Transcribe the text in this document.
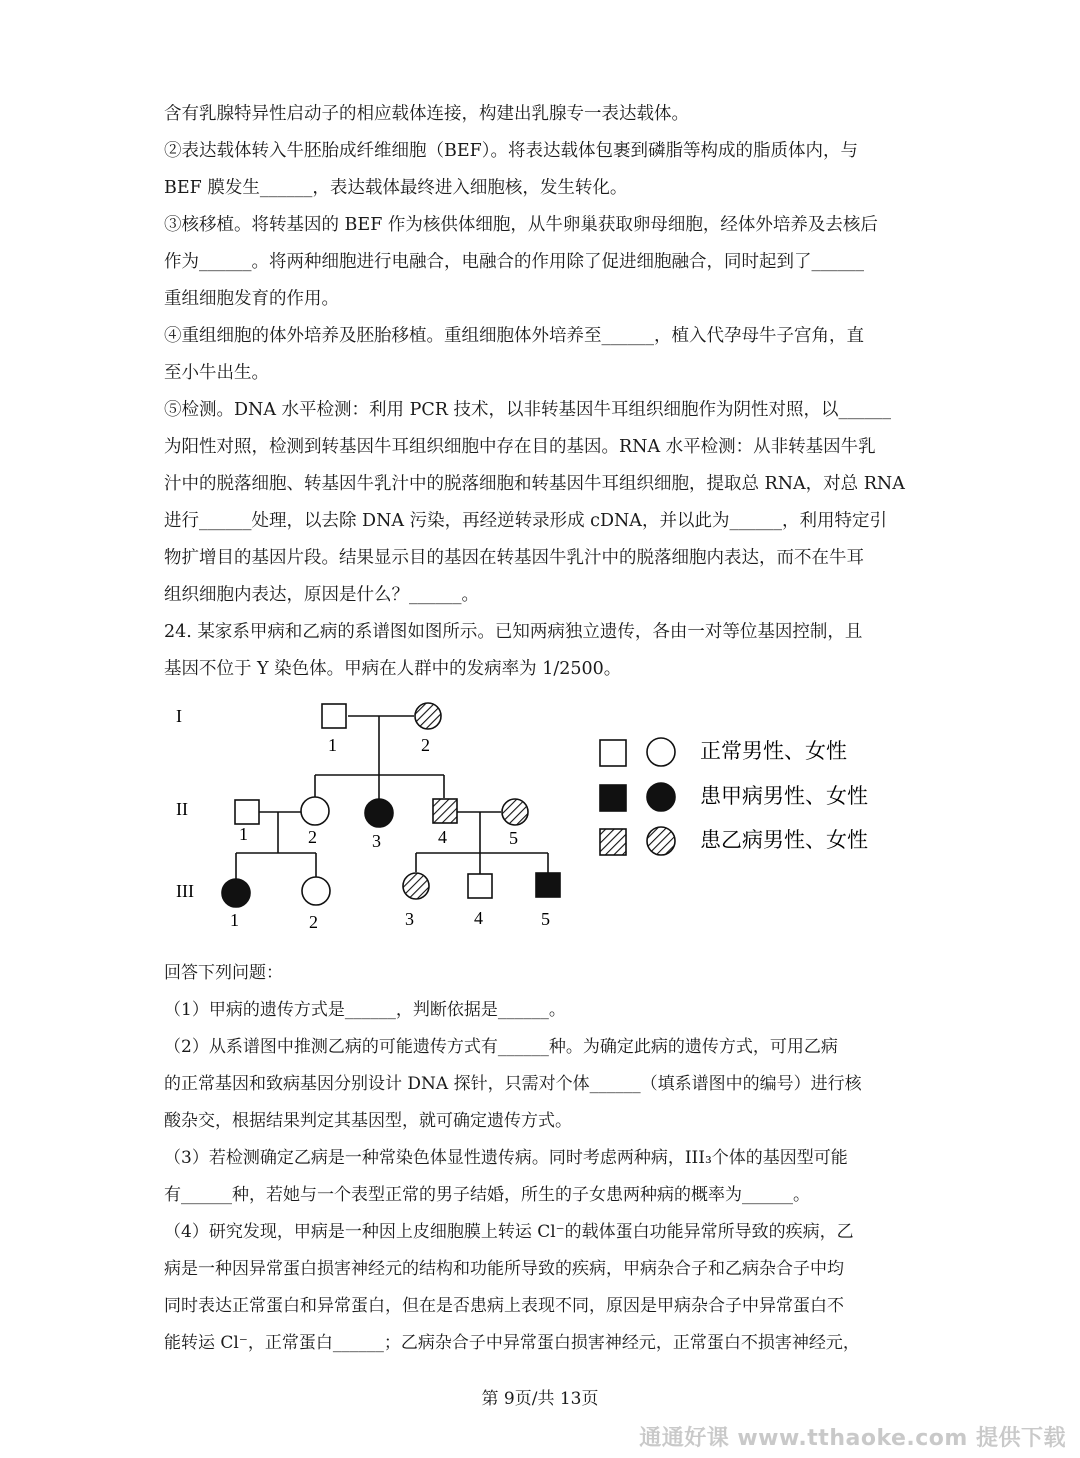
含有乳腺特异性启动子的相应载体连接，构建出乳腺专一表达载体。
②表达载体转入牛胚胎成纤维细胞（BEF）。将表达载体包裹到磷脂等构成的脂质体内，与
BEF 膜发生______，表达载体最终进入细胞核，发生转化。
③核移植。将转基因的 BEF 作为核供体细胞，从牛卵巢获取卵母细胞，经体外培养及去核后
作为______。将两种细胞进行电融合，电融合的作用除了促进细胞融合，同时起到了______
重组细胞发育的作用。
④重组细胞的体外培养及胚胎移植。重组细胞体外培养至______，植入代孕母牛子宫角，直
至小牛出生。
⑤检测。DNA 水平检测：利用 PCR 技术，以非转基因牛耳组织细胞作为阴性对照，以______
为阳性对照，检测到转基因牛耳组织细胞中存在目的基因。RNA 水平检测：从非转基因牛乳
汁中的脱落细胞、转基因牛乳汁中的脱落细胞和转基因牛耳组织细胞，提取总 RNA，对总 RNA
进行______处理，以去除 DNA 污染，再经逆转录形成 cDNA，并以此为______，利用特定引
物扩增目的基因片段。结果显示目的基因在转基因牛乳汁中的脱落细胞内表达，而不在牛耳
组织细胞内表达，原因是什么？______。
24. 某家系甲病和乙病的系谱图如图所示。已知两病独立遗传，各由一对等位基因控制，且
基因不位于 Y 染色体。甲病在人群中的发病率为 1/2500。
I
II
III
1	2
1	2	3	4	5
1	2	3	4	5
正常男性、女性
患甲病男性、女性
患乙病男性、女性
回答下列问题：
（1）甲病的遗传方式是______，判断依据是______。
（2）从系谱图中推测乙病的可能遗传方式有______种。为确定此病的遗传方式，可用乙病
的正常基因和致病基因分别设计 DNA 探针，只需对个体______（填系谱图中的编号）进行核
酸杂交，根据结果判定其基因型，就可确定遗传方式。
（3）若检测确定乙病是一种常染色体显性遗传病。同时考虑两种病，III₃个体的基因型可能
有______种，若她与一个表型正常的男子结婚，所生的子女患两种病的概率为______。
（4）研究发现，甲病是一种因上皮细胞膜上转运 Cl⁻的载体蛋白功能异常所导致的疾病，乙
病是一种因异常蛋白损害神经元的结构和功能所导致的疾病，甲病杂合子和乙病杂合子中均
同时表达正常蛋白和异常蛋白，但在是否患病上表现不同，原因是甲病杂合子中异常蛋白不
能转运 Cl⁻，正常蛋白______；乙病杂合子中异常蛋白损害神经元，正常蛋白不损害神经元，
第 9页/共 13页
通通好课 www.tthaoke.com 提供下载
